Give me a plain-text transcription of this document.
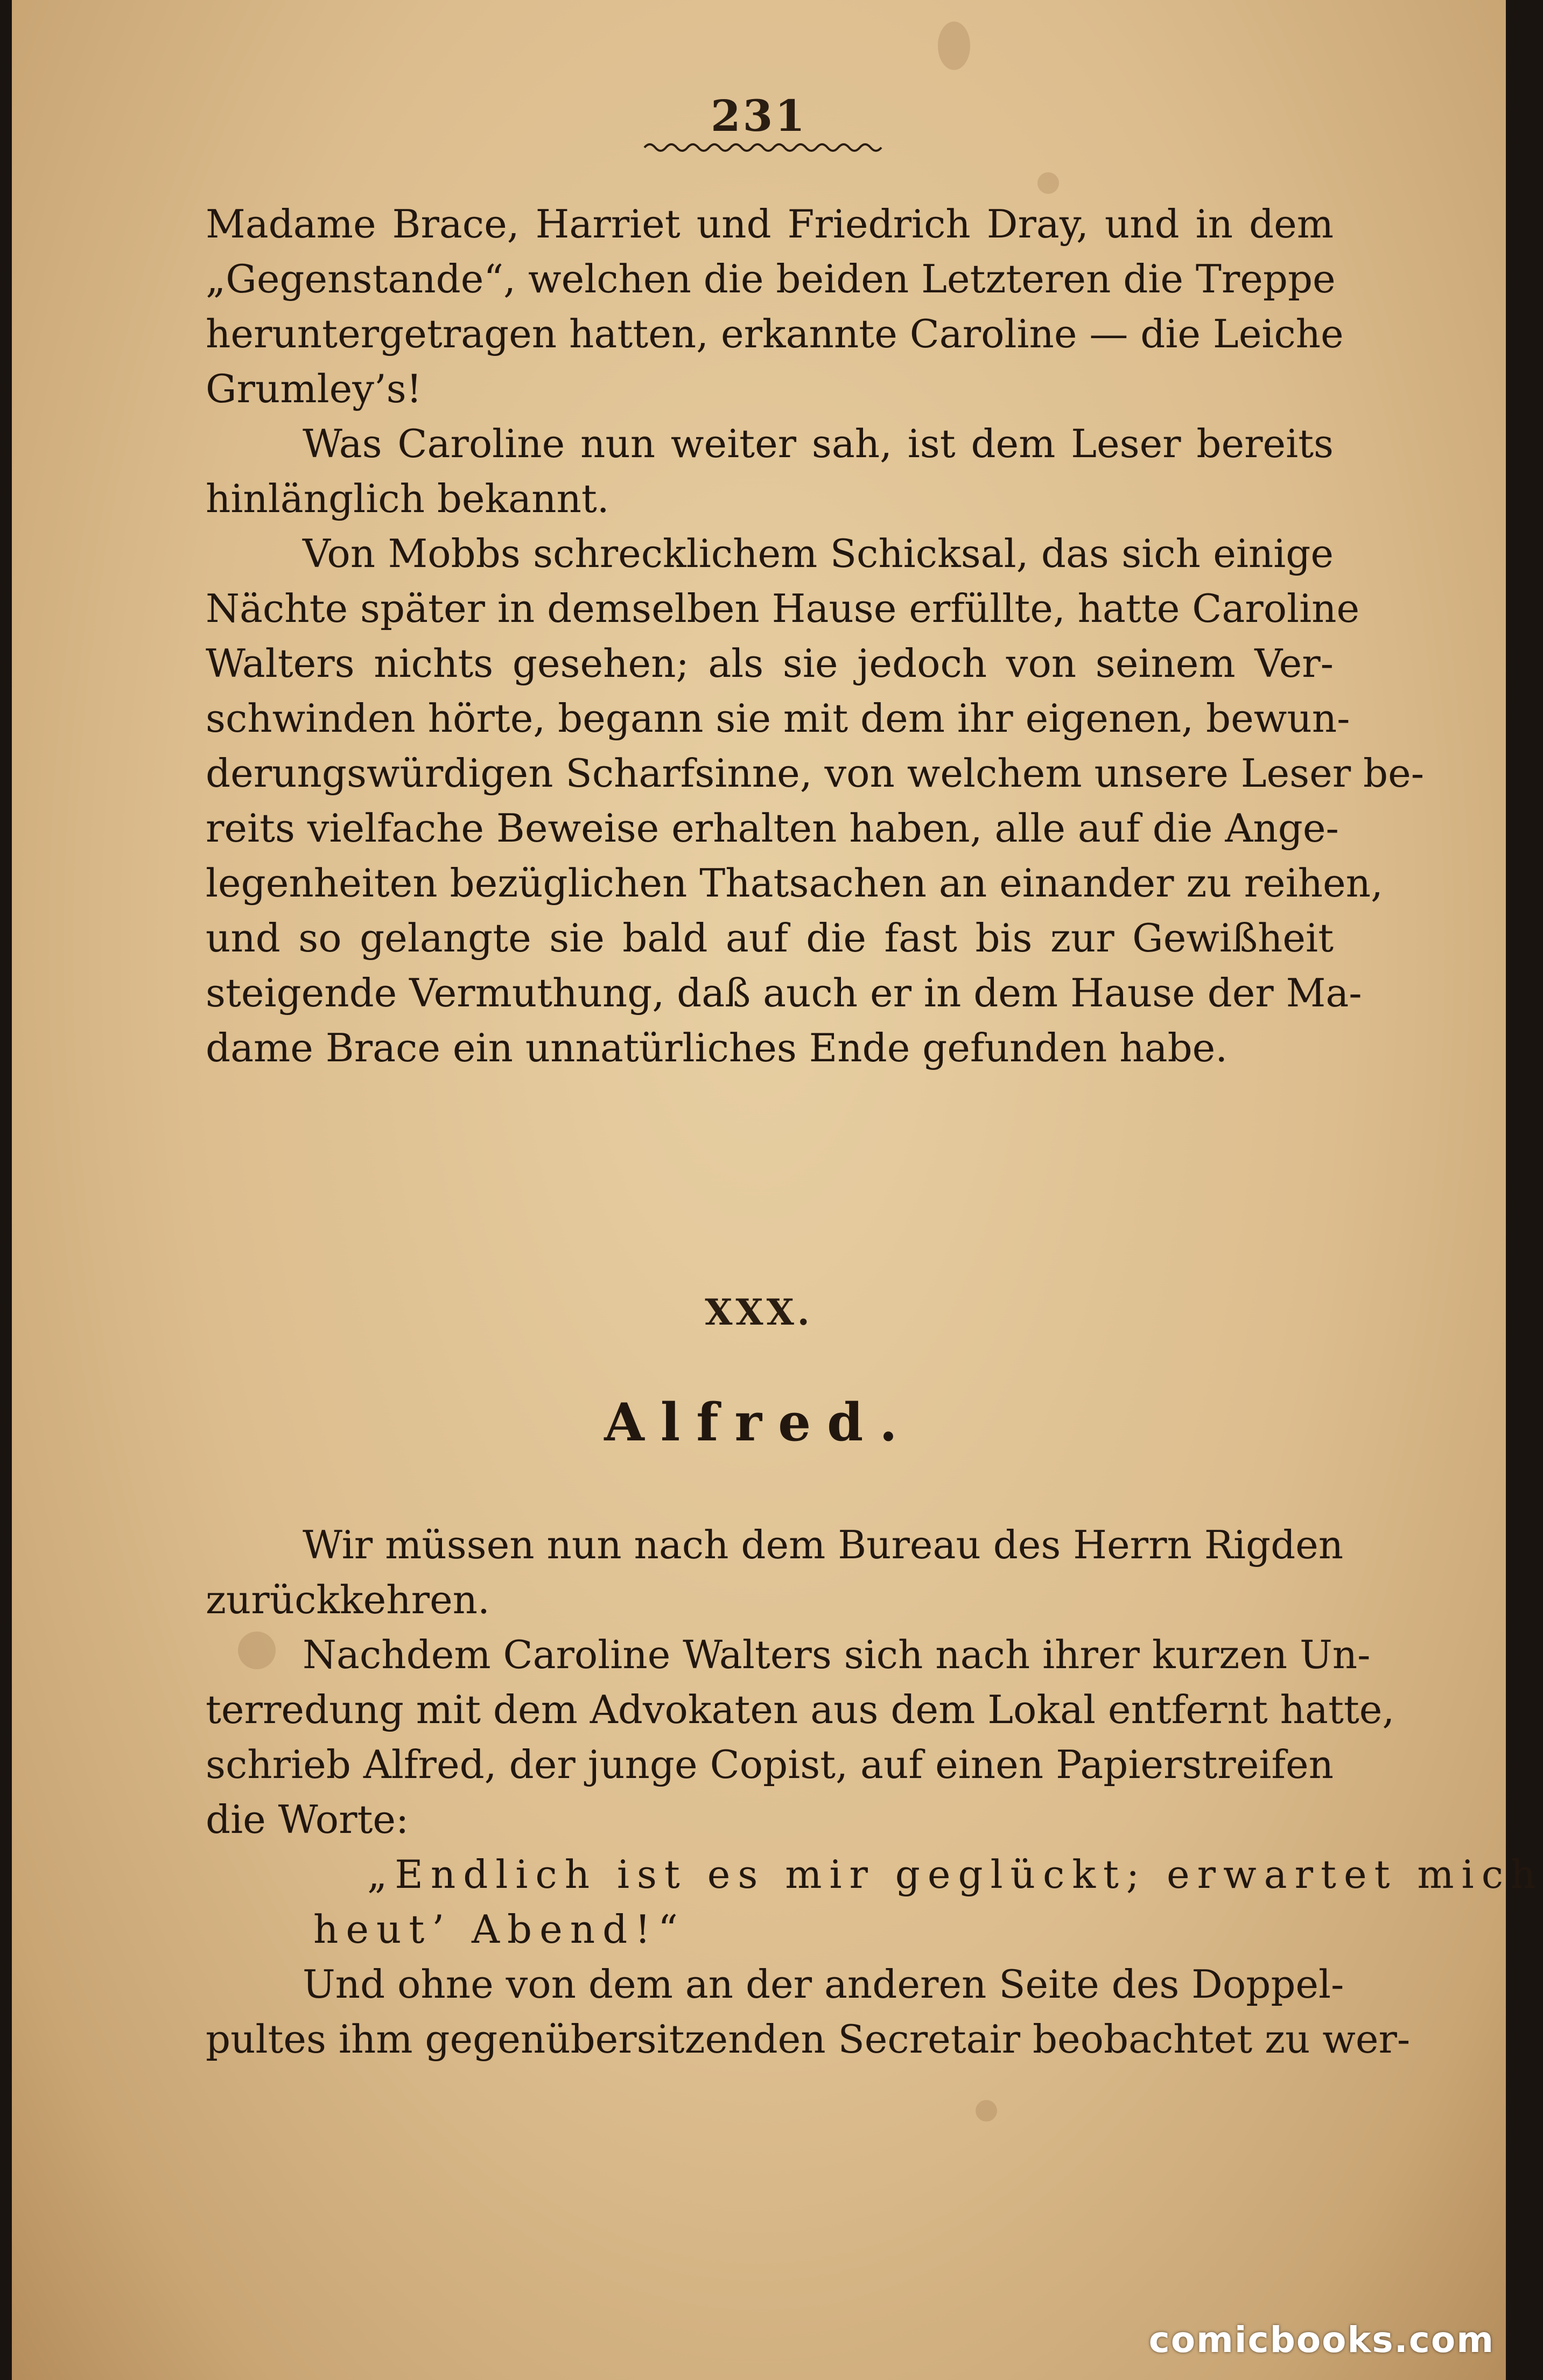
231
Madame Brace, Harriet und Friedrich Dray, und in dem
„Gegenstande“, welchen die beiden Letzteren die Treppe
heruntergetragen hatten, erkannte Caroline — die Leiche
Grumley’s!
Was Caroline nun weiter sah, ist dem Leser bereits
hinlänglich bekannt.
Von Mobbs schrecklichem Schicksal, das sich einige
Nächte später in demselben Hause erfüllte, hatte Caroline
Walters nichts gesehen; als sie jedoch von seinem Ver-
schwinden hörte, begann sie mit dem ihr eigenen, bewun-
derungswürdigen Scharfsinne, von welchem unsere Leser be-
reits vielfache Beweise erhalten haben, alle auf die Ange-
legenheiten bezüglichen Thatsachen an einander zu reihen,
und so gelangte sie bald auf die fast bis zur Gewißheit
steigende Vermuthung, daß auch er in dem Hause der Ma-
dame Brace ein unnatürliches Ende gefunden habe.
XXX.
Alfred.
Wir müssen nun nach dem Bureau des Herrn Rigden
zurückkehren.
Nachdem Caroline Walters sich nach ihrer kurzen Un-
terredung mit dem Advokaten aus dem Lokal entfernt hatte,
schrieb Alfred, der junge Copist, auf einen Papierstreifen
die Worte:
„Endlich ist es mir geglückt; erwartet mich
heut’ Abend!“
Und ohne von dem an der anderen Seite des Doppel-
pultes ihm gegenübersitzenden Secretair beobachtet zu wer-
comicbooks.com
